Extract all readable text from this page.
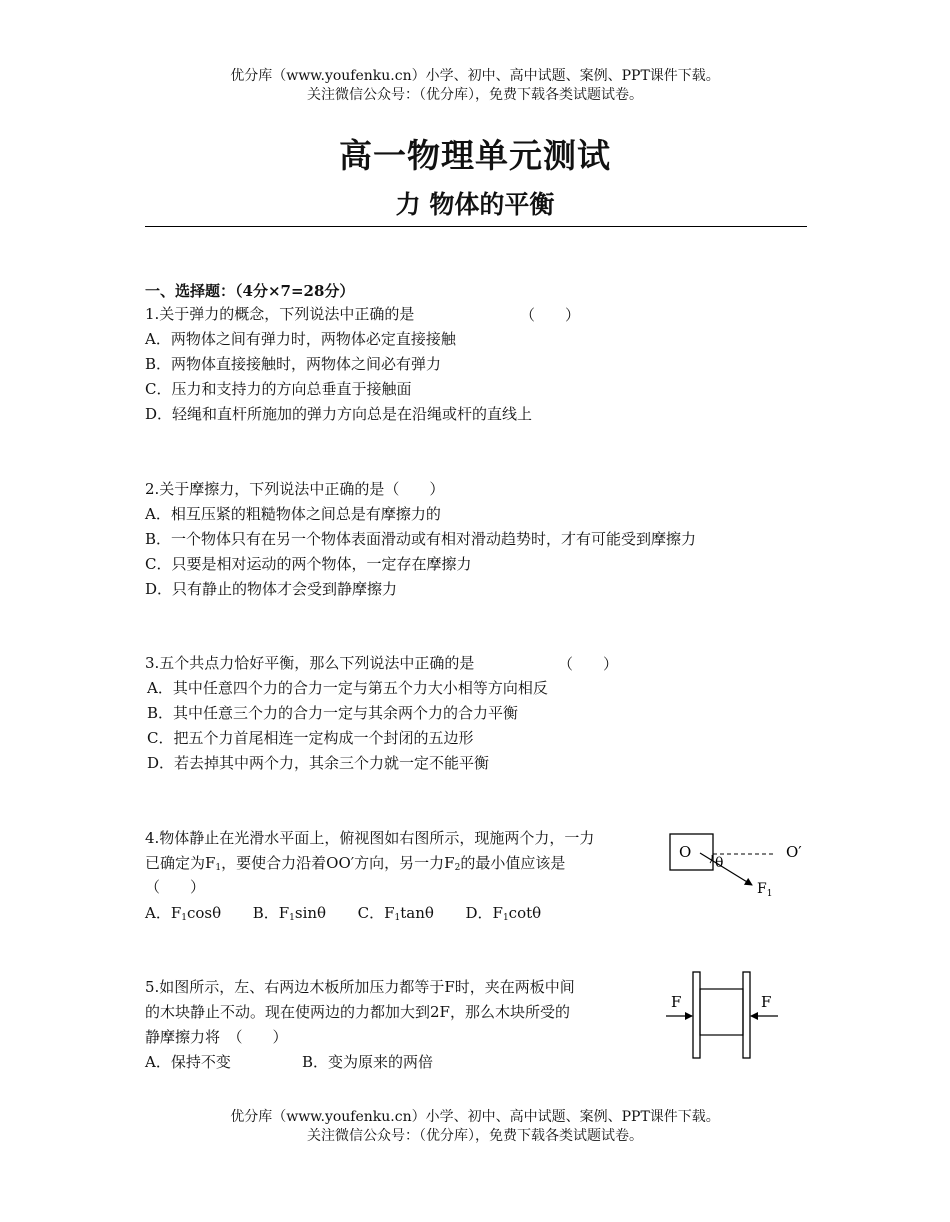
优分库（www.youfenku.cn）小学、初中、高中试题、案例、PPT课件下载。
关注微信公众号：（优分库），免费下载各类试题试卷。
高一物理单元测试
力 物体的平衡
一、选择题：（4分×7=28分）
1.关于弹力的概念，下列说法中正确的是	（　　）
A．两物体之间有弹力时，两物体必定直接接触
B．两物体直接接触时，两物体之间必有弹力
C．压力和支持力的方向总垂直于接触面
D．轻绳和直杆所施加的弹力方向总是在沿绳或杆的直线上
2.关于摩擦力，下列说法中正确的是（　　）
A．相互压紧的粗糙物体之间总是有摩擦力的
B．一个物体只有在另一个物体表面滑动或有相对滑动趋势时，才有可能受到摩擦力
C．只要是相对运动的两个物体，一定存在摩擦力
D．只有静止的物体才会受到静摩擦力
3.五个共点力恰好平衡，那么下列说法中正确的是	（　　）
A．其中任意四个力的合力一定与第五个力大小相等方向相反
B．其中任意三个力的合力一定与其余两个力的合力平衡
C．把五个力首尾相连一定构成一个封闭的五边形
D．若去掉其中两个力，其余三个力就一定不能平衡
4.物体静止在光滑水平面上，俯视图如右图所示，现施两个力，一力
已确定为$F_1$，要使合力沿着OO′方向，另一力$F_2$的最小值应该是
（　　）
A．$F_1\cos\theta$ B．$F_1\sin\theta$ C．$F_1\tan\theta$ D．$F_1\cot\theta$
O	O′
θ
$F_1$
5.如图所示，左、右两边木板所加压力都等于F时，夹在两板中间
的木块静止不动。现在使两边的力都加大到2F，那么木块所受的
静摩擦力将　（　　）
A．保持不变	B．变为原来的两倍
F	F
优分库（www.youfenku.cn）小学、初中、高中试题、案例、PPT课件下载。
关注微信公众号：（优分库），免费下载各类试题试卷。
